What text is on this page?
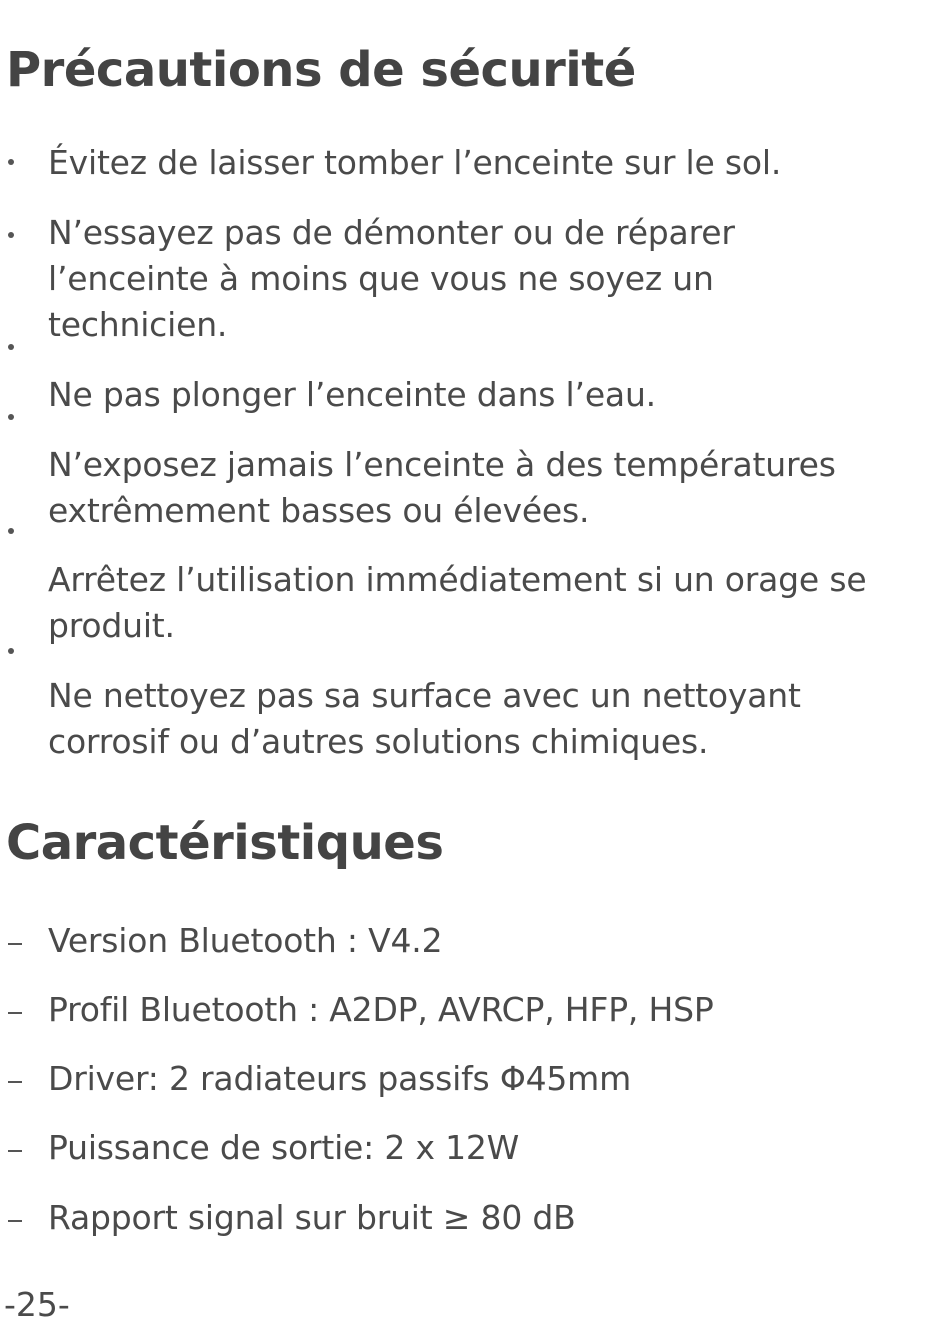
Précautions de sécurité
Évitez de laisser tomber l’enceinte sur le sol.
N’essayez pas de démonter ou de réparer
l’enceinte à moins que vous ne soyez un
technicien.
Ne pas plonger l’enceinte dans l’eau.
N’exposez jamais l’enceinte à des températures
extrêmement basses ou élevées.
Arrêtez l’utilisation immédiatement si un orage se
produit.
Ne nettoyez pas sa surface avec un nettoyant
corrosif ou d’autres solutions chimiques.
Caractéristiques
Version Bluetooth : V4.2
Profil Bluetooth : A2DP, AVRCP, HFP, HSP
Driver: 2 radiateurs passifs Φ45mm
Puissance de sortie: 2 x 12W
Rapport signal sur bruit ≥ 80 dB
-25-
